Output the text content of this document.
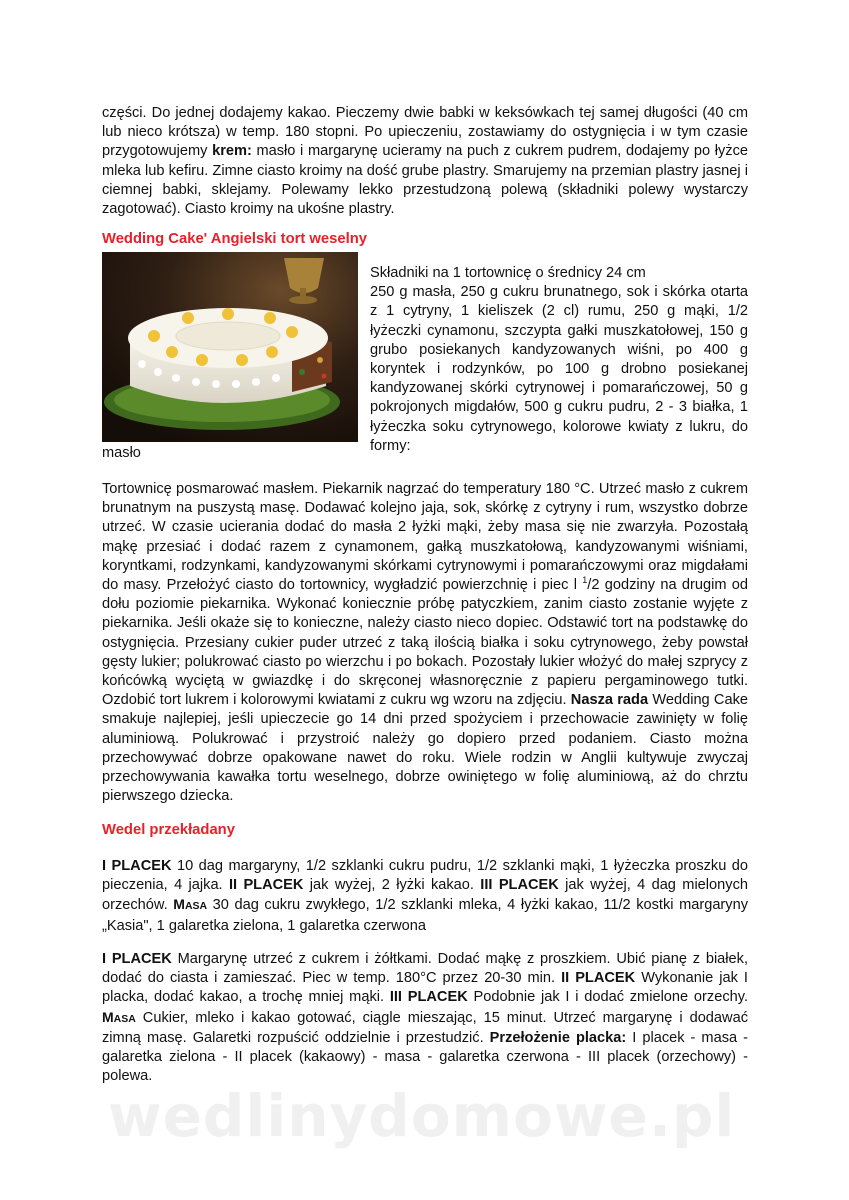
części. Do jednej dodajemy kakao. Pieczemy dwie babki w keksówkach tej samej długości (40 cm lub nieco krótsza) w temp. 180 stopni. Po upieczeniu, zostawiamy do ostygnięcia i w tym czasie przygotowujemy krem: masło i margarynę ucieramy na puch z cukrem pudrem, dodajemy po łyżce mleka lub kefiru. Zimne ciasto kroimy na dość grube plastry. Smarujemy na przemian plastry jasnej i ciemnej babki, sklejamy. Polewamy lekko przestudzoną polewą (składniki polewy wystarczy zagotować). Ciasto kroimy na ukośne plastry.

Wedding Cake' Angielski tort weselny

Składniki na 1 tortownicę o średnicy 24 cm

250 g masła, 250 g cukru brunatnego, sok i skórka otarta z 1 cytryny, 1 kieliszek (2 cl) rumu, 250 g mąki, 1/2 łyżeczki cynamonu, szczypta gałki muszkatołowej, 150 g grubo posiekanych kandyzowanych wiśni, po 400 g koryntek i rodzynków, po 100 g drobno posiekanej kandyzowanej skórki cytrynowej i pomarańczowej, 50 g pokrojonych migdałów, 500 g cukru pudru, 2 - 3 białka, 1 łyżeczka soku cytrynowego, kolorowe kwiaty z lukru, do formy:

masło

Tortownicę posmarować masłem. Piekarnik nagrzać do temperatury 180 °C. Utrzeć masło z cukrem brunatnym na puszystą masę. Dodawać kolejno jaja, sok, skórkę z cytryny i rum, wszystko dobrze utrzeć. W czasie ucierania dodać do masła 2 łyżki mąki, żeby masa się nie zwarzyła. Pozostałą mąkę przesiać i dodać razem z cynamonem, gałką muszkatołową, kandyzowanymi wiśniami, koryntkami, rodzynkami, kandyzowanymi skórkami cytrynowymi i pomarańczowymi oraz migdałami do masy. Przełożyć ciasto do tortownicy, wygładzić powierzchnię i piec l $^1$/2 godziny na drugim od dołu poziomie piekarnika. Wykonać koniecznie próbę patyczkiem, zanim ciasto zostanie wyjęte z piekarnika. Jeśli okaże się to konieczne, należy ciasto nieco dopiec. Odstawić tort na podstawkę do ostygnięcia. Przesiany cukier puder utrzeć z taką ilością białka i soku cytrynowego, żeby powstał gęsty lukier; polukrować ciasto po wierzchu i po bokach. Pozostały lukier włożyć do małej szprycy z końcówką wyciętą w gwiazdkę i do skręconej własnoręcznie z papieru pergaminowego tutki. Ozdobić tort lukrem i kolorowymi kwiatami z cukru wg wzoru na zdjęciu. Nasza rada Wedding Cake smakuje najlepiej, jeśli upieczecie go 14 dni przed spożyciem i przechowacie zawinięty w folię aluminiową. Polukrować i przystroić należy go dopiero przed podaniem. Ciasto można przechowywać dobrze opakowane nawet do roku. Wiele rodzin w Anglii kultywuje zwyczaj przechowywania kawałka tortu weselnego, dobrze owiniętego w folię aluminiową, aż do chrztu pierwszego dziecka.

Wedel przekładany

I PLACEK 10 dag margaryny, 1/2 szklanki cukru pudru, 1/2 szklanki mąki, 1 łyżeczka proszku do pieczenia, 4 jajka. II PLACEK jak wyżej, 2 łyżki kakao. III PLACEK jak wyżej, 4 dag mielonych orzechów. MASA 30 dag cukru zwykłego, 1/2 szklanki mleka, 4 łyżki kakao, 11/2 kostki margaryny „Kasia", 1 galaretka zielona, 1 galaretka czerwona

I PLACEK Margarynę utrzeć z cukrem i żółtkami. Dodać mąkę z proszkiem. Ubić pianę z białek, dodać do ciasta i zamieszać. Piec w temp. 180°C przez 20-30 min. II PLACEK Wykonanie jak I placka, dodać kakao, a trochę mniej mąki. III PLACEK Podobnie jak I i dodać zmielone orzechy. MASA Cukier, mleko i kakao gotować, ciągle mieszając, 15 minut. Utrzeć margarynę i dodawać zimną masę. Galaretki rozpuścić oddzielnie i przestudzić. Przełożenie placka: I placek - masa - galaretka zielona - II placek (kakaowy) - masa - galaretka czerwona - III placek (orzechowy) - polewa.

wedlinydomowe.pl
